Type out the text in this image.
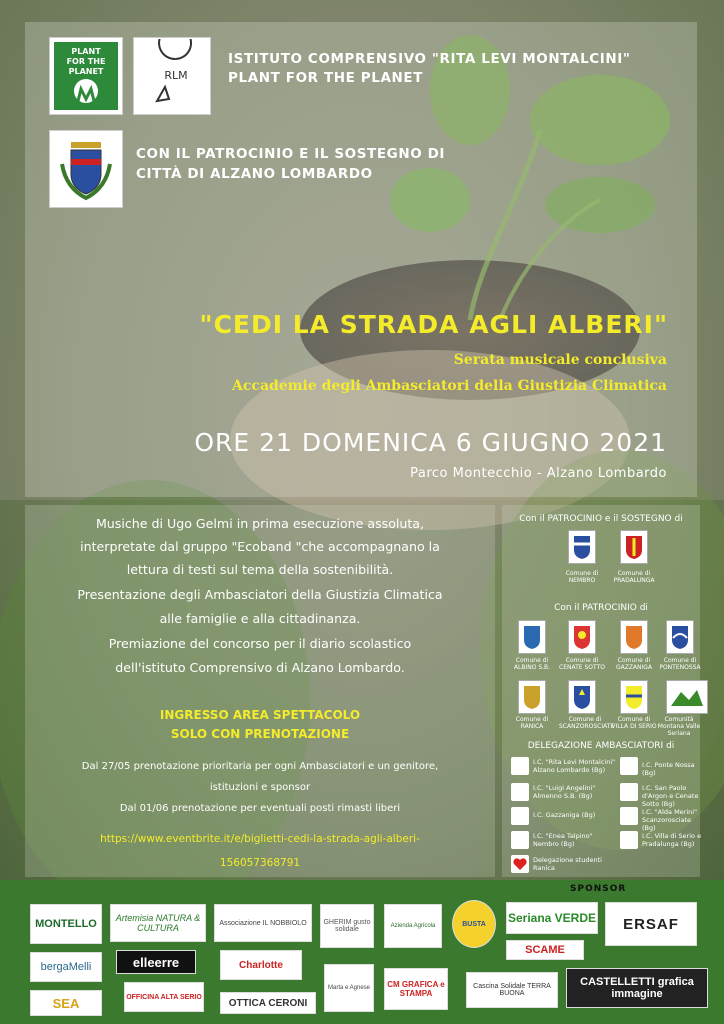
PLANT
FOR THE
PLANET	RLM
ISTITUTO COMPRENSIVO "RITA LEVI MONTALCINI"
PLANT FOR THE PLANET
CON IL PATROCINIO E IL SOSTEGNO DI
CITTÀ DI ALZANO LOMBARDO
"CEDI LA STRADA AGLI ALBERI"
Serata musicale conclusiva
Accademie degli Ambasciatori della Giustizia Climatica
ORE 21 DOMENICA 6 GIUGNO 2021
Parco Montecchio - Alzano Lombardo
Musiche di Ugo Gelmi in prima esecuzione assoluta,
interpretate dal gruppo "Ecoband "che accompagnano la
lettura di testi sul tema della sostenibilità.
Presentazione degli Ambasciatori della Giustizia Climatica
alle famiglie e alla cittadinanza.
Premiazione del concorso per il diario scolastico
dell'istituto Comprensivo di Alzano Lombardo.
INGRESSO AREA SPETTACOLO
SOLO CON PRENOTAZIONE
Dal 27/05 prenotazione prioritaria per ogni Ambasciatori e un genitore,
istituzioni e sponsor
Dal 01/06 prenotazione per eventuali posti rimasti liberi
https://www.eventbrite.it/e/biglietti-cedi-la-strada-agli-alberi-
156057368791
Con il PATROCINIO e il SOSTEGNO di
Comune di NEMBRO
Comune di PRADALUNGA
Con il PATROCINIO di
Comune di ALBINO S.B.
Comune di CENATE SOTTO
Comune di GAZZANIGA
Comune di PONTENOSSA
Comune di RANICA
Comune di SCANZOROSCIATE
Comune di VILLA DI SERIO
Comunità Montana Valle Seriana
DELEGAZIONE AMBASCIATORI di
I.C. "Rita Levi Montalcini" Alzano Lombardo (Bg)
I.C. Ponte Nossa (Bg)
I.C. "Luigi Angelini" Almenno S.B. (Bg)
I.C. San Paolo d'Argon e Cenate Sotto (Bg)
I.C. Gazzaniga (Bg)	I.C. "Alda Merini" Scanzorosciate (Bg)
I.C. "Enea Talpino" Nembro (Bg)
I.C. Villa di Serio e Pradalunga (Bg)
Delegazione studenti Ranica
SPONSOR
MONTELLO	Artemisia NATURA & CULTURA	Associazione IL NOBBIOLO	GHERIM gusto solidale	Azienda Agricola	BUSTA	Seriana VERDE	ERSAF
bergaMelli	elleerre	Charlotte
SCAME
SEA	OFFICINA ALTA SERIO
OTTICA CERONI
Marta e Agnese	CM GRAFICA e STAMPA
Cascina Solidale TERRA BUONA
CASTELLETTI grafica immagine
